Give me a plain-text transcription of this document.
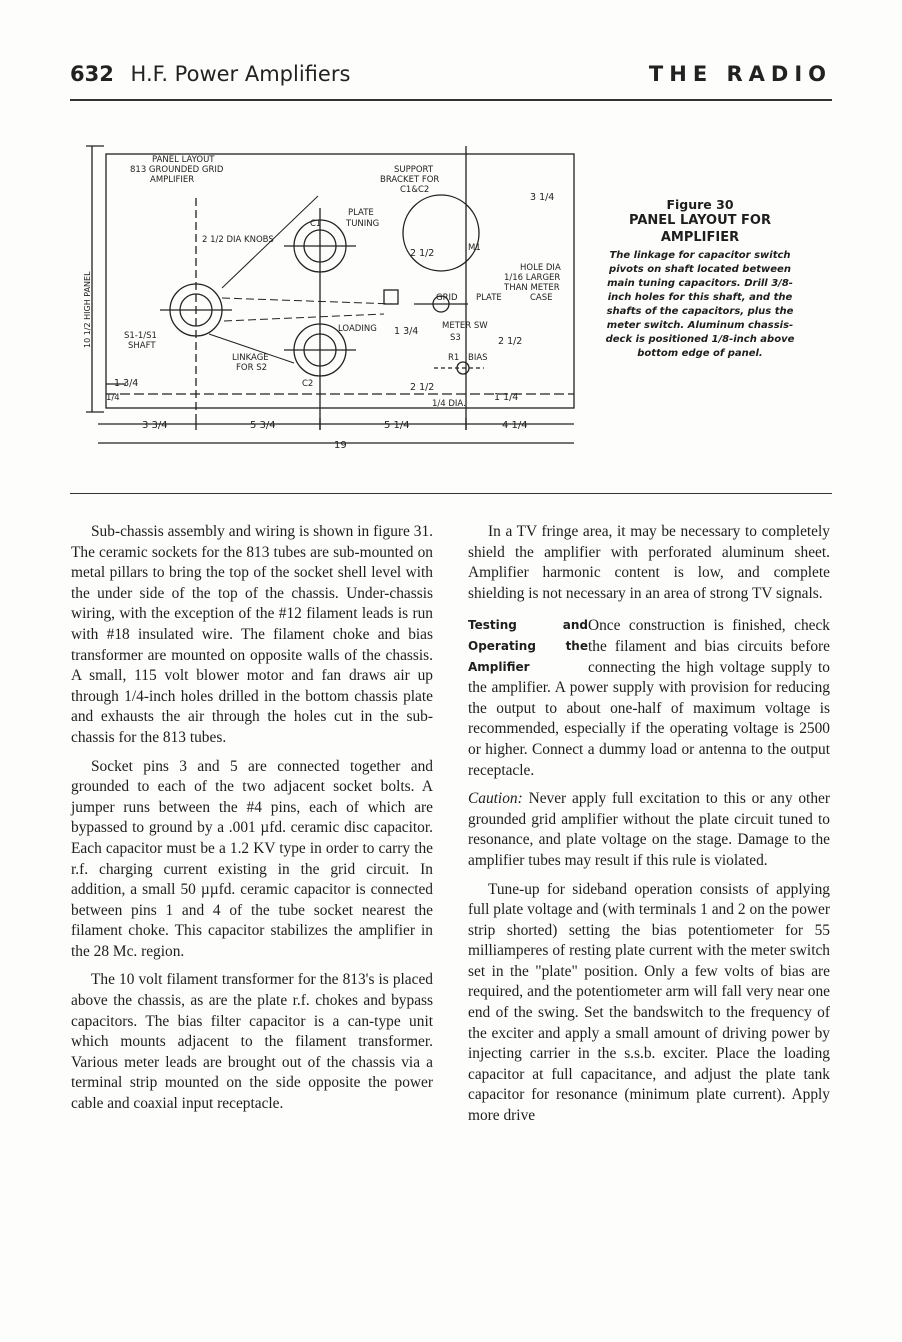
632 H.F. Power Amplifiers	THE RADIO
PANEL LAYOUT
813 GROUNDED GRID
AMPLIFIER
SUPPORT
BRACKET FOR
C1&C2
PLATE
TUNING
C1
2 1/2 DIA KNOBS
3 1/4
M1
HOLE DIA
1/16 LARGER
THAN METER
CASE
2 1/2
GRID PLATE
LOADING 1 3/4	METER SW
S3	2 1/2
R1 BIAS
S1-1/S1
SHAFT
LINKAGE
FOR S2
C2	2 1/2
1/4 DIA.
1 1/4
1 3/4
1/4
3 3/4	5 3/4	5 1/4	4 1/4
19
10 1/2 HIGH PANEL
Figure 30
PANEL LAYOUT FOR AMPLIFIER
The linkage for capacitor switch pivots on shaft located between main tuning capacitors. Drill 3/8-inch holes for this shaft, and the shafts of the capacitors, plus the meter switch. Aluminum chassis-deck is positioned 1/8-inch above bottom edge of panel.

Sub-chassis assembly and wiring is shown in figure 31. The ceramic sockets for the 813 tubes are sub-mounted on metal pillars to bring the top of the socket shell level with the under side of the top of the chassis. Under-chassis wiring, with the exception of the #12 filament leads is run with #18 insulated wire. The filament choke and bias transformer are mounted on opposite walls of the chassis. A small, 115 volt blower motor and fan draws air up through 1/4-inch holes drilled in the bottom chassis plate and exhausts the air through the holes cut in the sub-chassis for the 813 tubes.

Socket pins 3 and 5 are connected together and grounded to each of the two adjacent socket bolts. A jumper runs between the #4 pins, each of which are bypassed to ground by a .001 µfd. ceramic disc capacitor. Each capacitor must be a 1.2 KV type in order to carry the r.f. charging current existing in the grid circuit. In addition, a small 50 µµfd. ceramic capacitor is connected between pins 1 and 4 of the tube socket nearest the filament choke. This capacitor stabilizes the amplifier in the 28 Mc. region.

The 10 volt filament transformer for the 813's is placed above the chassis, as are the plate r.f. chokes and bypass capacitors. The bias filter capacitor is a can-type unit which mounts adjacent to the filament transformer. Various meter leads are brought out of the chassis via a terminal strip mounted on the side opposite the power cable and coaxial input receptacle.

In a TV fringe area, it may be necessary to completely shield the amplifier with perforated aluminum sheet. Amplifier harmonic content is low, and complete shielding is not necessary in an area of strong TV signals.

Testing and Operating the Amplifier
Once construction is finished, check the filament and bias circuits before connecting the high voltage supply to the amplifier. A power supply with provision for reducing the output to about one-half of maximum voltage is recommended, especially if the operating voltage is 2500 or higher. Connect a dummy load or antenna to the output receptacle.

Caution: Never apply full excitation to this or any other grounded grid amplifier without the plate circuit tuned to resonance, and plate voltage on the stage. Damage to the amplifier tubes may result if this rule is violated.

Tune-up for sideband operation consists of applying full plate voltage and (with terminals 1 and 2 on the power strip shorted) setting the bias potentiometer for 55 milliamperes of resting plate current with the meter switch set in the "plate" position. Only a few volts of bias are required, and the potentiometer arm will fall very near one end of the swing. Set the bandswitch to the frequency of the exciter and apply a small amount of driving power by injecting carrier in the s.s.b. exciter. Place the loading capacitor at full capacitance, and adjust the plate tank capacitor for resonance (minimum plate current). Apply more drive
